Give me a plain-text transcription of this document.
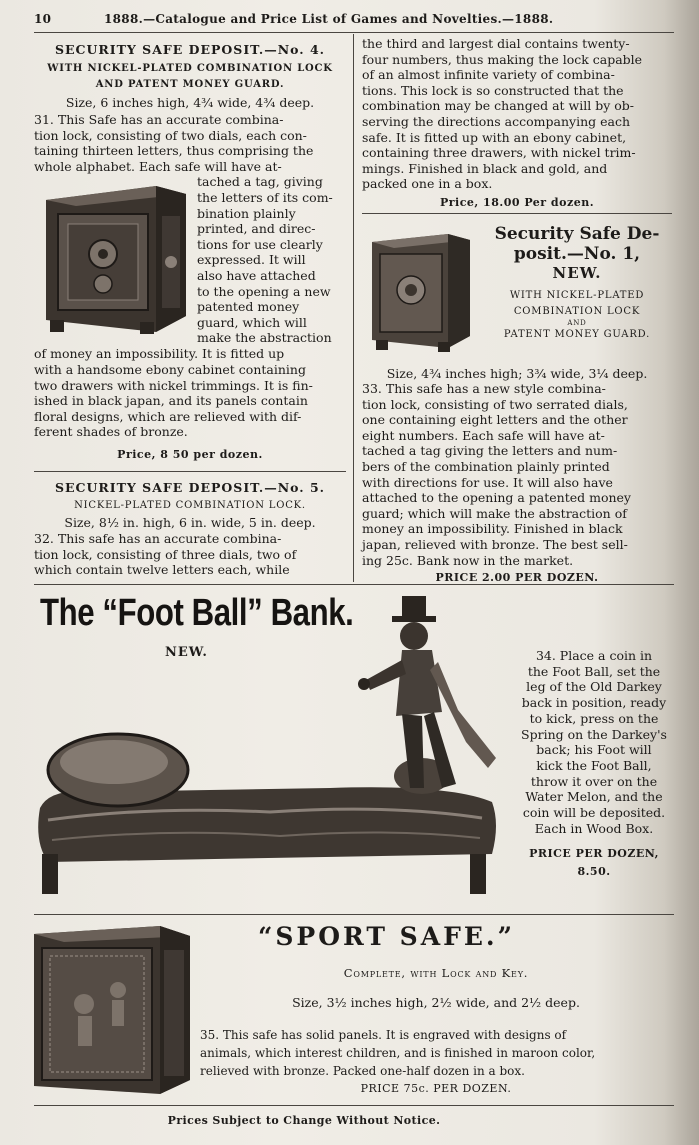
10	1888.—Catalogue and Price List of Games and Novelties.—1888.
SECURITY SAFE DEPOSIT.—No. 4.
WITH NICKEL-PLATED COMBINATION LOCK
AND PATENT MONEY GUARD.
Size, 6 inches high, 4¾ wide, 4¾ deep.
31. This Safe has an accurate combina-
tion lock, consisting of two dials, each con-
taining thirteen letters, thus comprising the
whole alphabet. Each safe will have at-
tached a tag, giving
the letters of its com-
bination plainly
printed, and direc-
tions for use clearly
expressed. It will
also have attached
to the opening a new
patented money
guard, which will
make the abstraction
of money an impossibility. It is fitted up
with a handsome ebony cabinet containing
two drawers with nickel trimmings. It is fin-
ished in black japan, and its panels contain
floral designs, which are relieved with dif-
ferent shades of bronze.
Price, 8 50 per dozen.
SECURITY SAFE DEPOSIT.—No. 5.
NICKEL-PLATED COMBINATION LOCK.
Size, 8½ in. high, 6 in. wide, 5 in. deep.
32. This safe has an accurate combina-
tion lock, consisting of three dials, two of
which contain twelve letters each, while
the third and largest dial contains twenty-
four numbers, thus making the lock capable
of an almost infinite variety of combina-
tions. This lock is so constructed that the
combination may be changed at will by ob-
serving the directions accompanying each
safe. It is fitted up with an ebony cabinet,
containing three drawers, with nickel trim-
mings. Finished in black and gold, and
packed one in a box.
Price, 18.00 Per dozen.
Security Safe De-
posit.—No. 1,
NEW.
WITH NICKEL-PLATED
COMBINATION LOCK
AND
PATENT MONEY GUARD.
Size, 4¾ inches high; 3¾ wide, 3¼ deep.
33. This safe has a new style combina-
tion lock, consisting of two serrated dials,
one containing eight letters and the other
eight numbers. Each safe will have at-
tached a tag giving the letters and num-
bers of the combination plainly printed
with directions for use. It will also have
attached to the opening a patented money
guard; which will make the abstraction of
money an impossibility. Finished in black
japan, relieved with bronze. The best sell-
ing 25c. Bank now in the market.
PRICE 2.00 PER DOZEN.
The “Foot Ball” Bank.
NEW.	34. Place a coin in
the Foot Ball, set the
leg of the Old Darkey
back in position, ready
to kick, press on the
Spring on the Darkey's
back; his Foot will
kick the Foot Ball,
throw it over on the
Water Melon, and the
coin will be deposited.
Each in Wood Box.
PRICE PER DOZEN,
8.50.
“SPORT SAFE.”
Complete, with Lock and Key.
Size, 3½ inches high, 2½ wide, and 2½ deep.
35. This safe has solid panels. It is engraved with designs of
animals, which interest children, and is finished in maroon color,
relieved with bronze. Packed one-half dozen in a box.
PRICE 75c. PER DOZEN.
Prices Subject to Change Without Notice.
